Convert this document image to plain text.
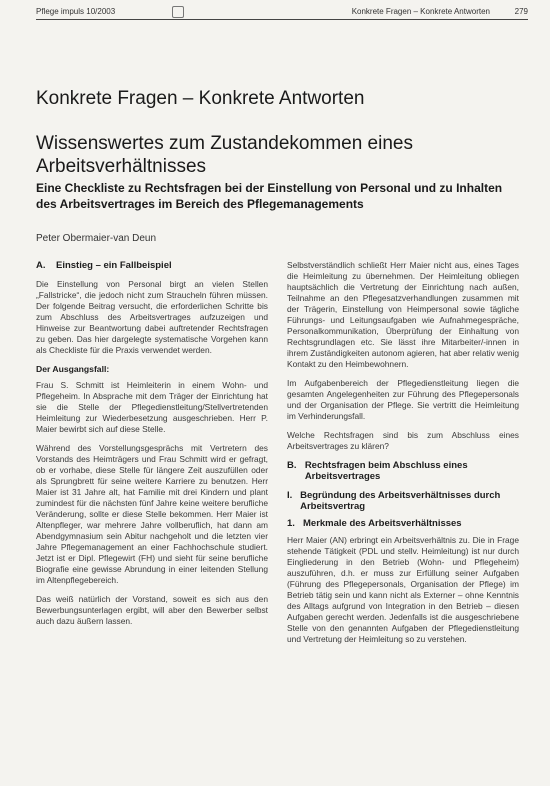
Pflege impuls 10/2003	Konkrete Fragen – Konkrete Antworten	279
Konkrete Fragen – Konkrete Antworten
Wissenswertes zum Zustandekommen eines Arbeitsverhältnisses
Eine Checkliste zu Rechtsfragen bei der Einstellung von Personal und zu Inhalten des Arbeitsvertrages im Bereich des Pflegemanagements
Peter Obermaier-van Deun
A. Einstieg – ein Fallbeispiel

Die Einstellung von Personal birgt an vielen Stellen „Fallstricke“, die jedoch nicht zum Straucheln führen müssen. Der folgende Beitrag versucht, die erforderlichen Schritte bis zum Abschluss des Arbeitsvertrages aufzuzeigen und Hinweise zur Beantwortung dabei auftretender Rechtsfragen zu geben. Das hier dargelegte systematische Vorgehen kann als Checkliste für die Praxis verwendet werden.

Der Ausgangsfall:

Frau S. Schmitt ist Heimleiterin in einem Wohn- und Pflegeheim. In Absprache mit dem Träger der Einrichtung hat sie die Stelle der Pflegedienstleitung/Stellvertretenden Heimleitung zur Wiederbesetzung ausgeschrieben. Herr P. Maier bewirbt sich auf diese Stelle.

Während des Vorstellungsgesprächs mit Vertretern des Vorstands des Heimträgers und Frau Schmitt wird er gefragt, ob er vorhabe, diese Stelle für längere Zeit auszufüllen oder als Sprungbrett für seine weitere Karriere zu benutzen. Herr Maier ist 31 Jahre alt, hat Familie mit drei Kindern und plant zumindest für die nächsten fünf Jahre keine weitere berufliche Veränderung, sollte er diese Stelle bekommen. Herr Maier ist Altenpfleger, war mehrere Jahre vollberuflich, hat dann am Abendgymnasium sein Abitur nachgeholt und die letzten vier Jahre Pflegemanagement an einer Fachhochschule studiert. Jetzt ist er Dipl. Pflegewirt (FH) und sieht für seine berufliche Biografie eine gewisse Abrundung in einer leitenden Stellung im Altenpflegebereich.

Das weiß natürlich der Vorstand, soweit es sich aus den Bewerbungsunterlagen ergibt, will aber den Bewerber selbst auch dazu äußern lassen.

Selbstverständlich schließt Herr Maier nicht aus, eines Tages die Heimleitung zu übernehmen. Der Heimleitung obliegen hauptsächlich die Vertretung der Einrichtung nach außen, Teilnahme an den Pflegesatzverhandlungen zusammen mit der Trägerin, Einstellung von Heimpersonal sowie tägliche Führungs- und Leitungsaufgaben wie Aufnahmegespräche, Personalkommunikation, Überprüfung der Einhaltung von Rechtsgrundlagen etc. Sie lässt ihre Mitarbeiter/-innen in ihrem Zuständigkeiten autonom agieren, hat aber relativ wenig Kontakt zu den Heimbewohnern.

Im Aufgabenbereich der Pflegedienstleitung liegen die gesamten Angelegenheiten zur Führung des Pflegepersonals und der Organisation der Pflege. Sie vertritt die Heimleitung im Verhinderungsfall.

Welche Rechtsfragen sind bis zum Abschluss eines Arbeitsvertrages zu klären?

B. Rechtsfragen beim Abschluss eines Arbeitsvertrages
I. Begründung des Arbeitsverhältnisses durch Arbeitsvertrag
1. Merkmale des Arbeitsverhältnisses

Herr Maier (AN) erbringt ein Arbeitsverhältnis zu. Die in Frage stehende Tätigkeit (PDL und stellv. Heimleitung) ist nur durch Eingliederung in den Betrieb (Wohn- und Pflegeheim) auszuführen, d.h. er muss zur Erfüllung seiner Aufgaben (Führung des Pflegepersonals, Organisation der Pflege) im Betrieb tätig sein und kann nicht als Externer – ohne Kenntnis des Alltags aufgrund von Integration in den Betrieb – diesen Aufgaben gerecht werden. Jedenfalls ist die ausgeschriebene Stelle von den genannten Aufgaben der Pflegedienstleitung und Vertretung der Heimleitung so zu verstehen.
